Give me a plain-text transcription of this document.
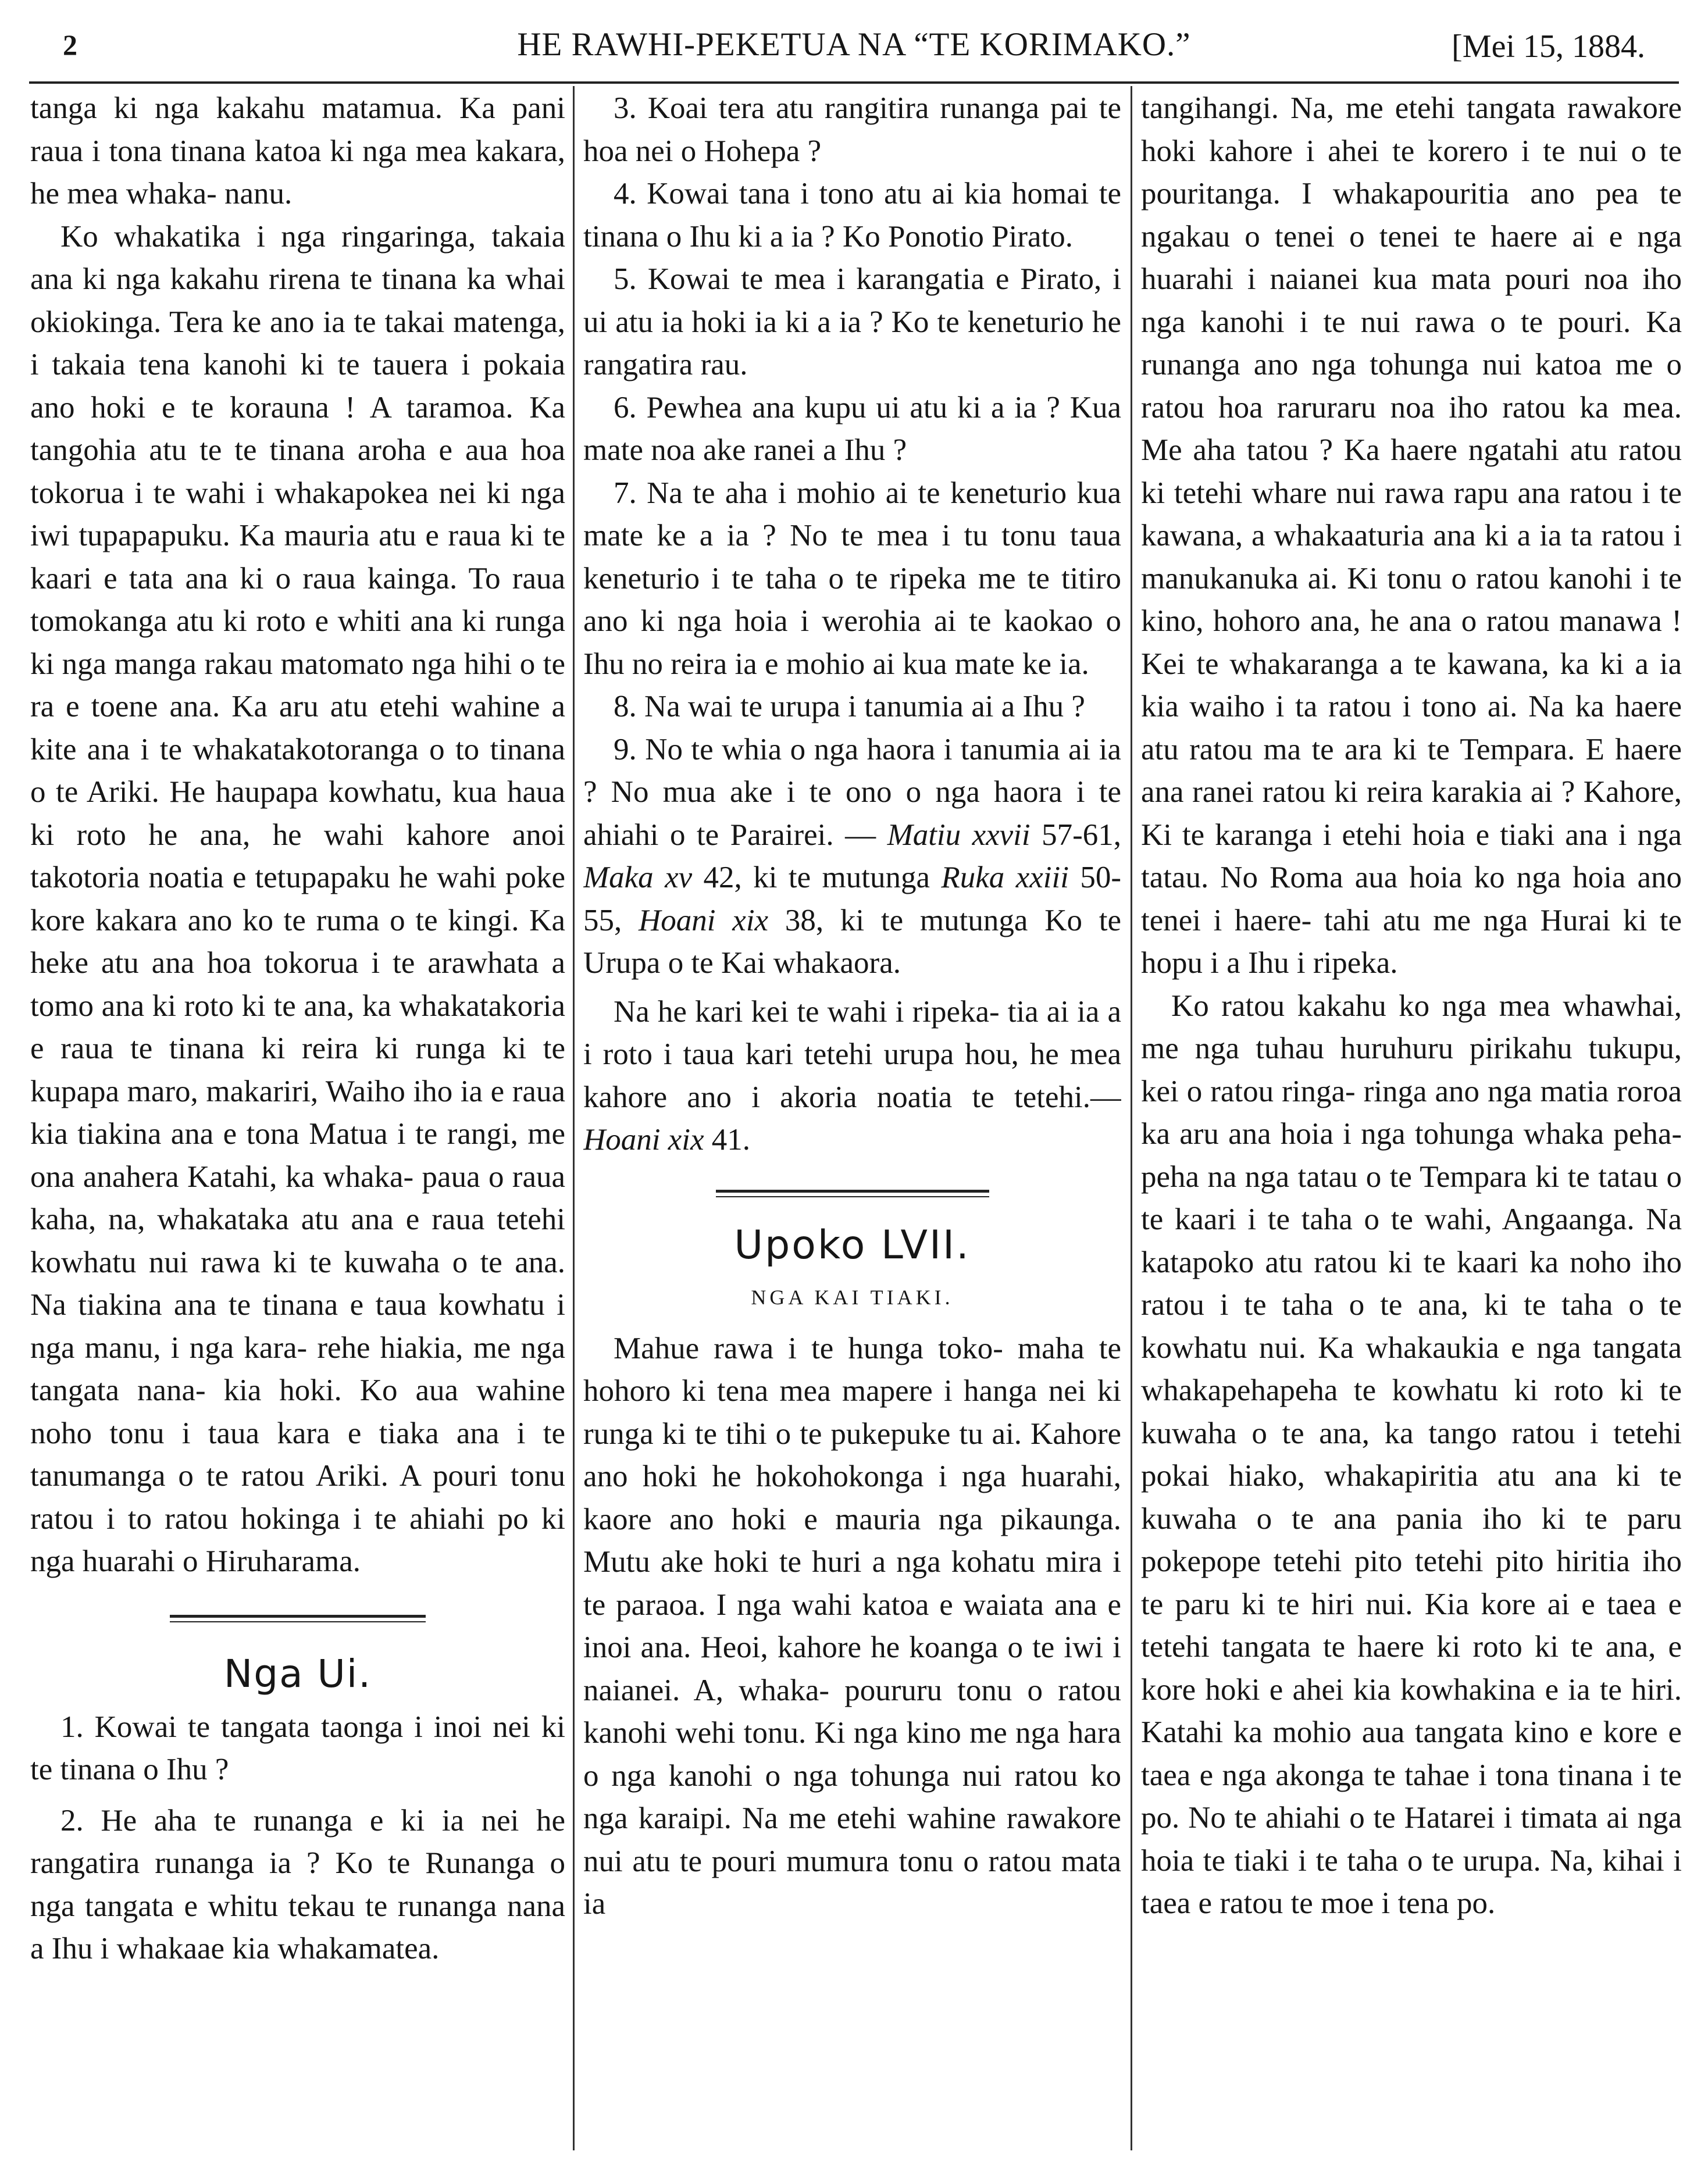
2	HE RAWHI-PEKETUA NA “TE KORIMAKO.”	[Mei 15, 1884.

tanga ki nga kakahu matamua. Ka pani raua i tona tinana katoa ki nga mea kakara, he mea whaka- nanu.

Ko whakatika i nga ringaringa, takaia ana ki nga kakahu rirena te tinana ka whai okiokinga. Tera ke ano ia te takai matenga, i takaia tena kanohi ki te tauera i pokaia ano hoki e te korauna ! A taramoa. Ka tangohia atu te te tinana aroha e aua hoa tokorua i te wahi i whakapokea nei ki nga iwi tupapapuku. Ka mauria atu e raua ki te kaari e tata ana ki o raua kainga. To raua tomokanga atu ki roto e whiti ana ki runga ki nga manga rakau matomato nga hihi o te ra e toene ana. Ka aru atu etehi wahine a kite ana i te whakatakotoranga o to tinana o te Ariki. He haupapa kowhatu, kua haua ki roto he ana, he wahi kahore anoi takotoria noatia e tetupapaku he wahi poke kore kakara ano ko te ruma o te kingi. Ka heke atu ana hoa tokorua i te arawhata a tomo ana ki roto ki te ana, ka whakatakoria e raua te tinana ki reira ki runga ki te kupapa maro, makariri, Waiho iho ia e raua kia tiakina ana e tona Matua i te rangi, me ona anahera Katahi, ka whaka- paua o raua kaha, na, whakataka atu ana e raua tetehi kowhatu nui rawa ki te kuwaha o te ana. Na tiakina ana te tinana e taua kowhatu i nga manu, i nga kara- rehe hiakia, me nga tangata nana- kia hoki. Ko aua wahine noho tonu i taua kara e tiaka ana i te tanumanga o te ratou Ariki. A pouri tonu ratou i to ratou hokinga i te ahiahi po ki nga huarahi o Hiruharama.

Nga Ui.

1. Kowai te tangata taonga i inoi nei ki te tinana o Ihu ?

2. He aha te runanga e ki ia nei he rangatira runanga ia ? Ko te Runanga o nga tangata e whitu tekau te runanga nana a Ihu i whakaae kia whakamatea.

3. Koai tera atu rangitira runanga pai te hoa nei o Hohepa ?

4. Kowai tana i tono atu ai kia homai te tinana o Ihu ki a ia ? Ko Ponotio Pirato.

5. Kowai te mea i karangatia e Pirato, i ui atu ia hoki ia ki a ia ? Ko te keneturio he rangatira rau.

6. Pewhea ana kupu ui atu ki a ia ? Kua mate noa ake ranei a Ihu ?

7. Na te aha i mohio ai te keneturio kua mate ke a ia ? No te mea i tu tonu taua keneturio i te taha o te ripeka me te titiro ano ki nga hoia i werohia ai te kaokao o Ihu no reira ia e mohio ai kua mate ke ia.

8. Na wai te urupa i tanumia ai a Ihu ?

9. No te whia o nga haora i tanumia ai ia ? No mua ake i te ono o nga haora i te ahiahi o te Parairei. — Matiu xxvii 57-61, Maka xv 42, ki te mutunga Ruka xxiii 50-55, Hoani xix 38, ki te mutunga Ko te Urupa o te Kai whakaora.

Na he kari kei te wahi i ripeka- tia ai ia a i roto i taua kari tetehi urupa hou, he mea kahore ano i akoria noatia te tetehi.—Hoani xix 41.

Upoko LVII.
NGA KAI TIAKI.

Mahue rawa i te hunga toko- maha te hohoro ki tena mea mapere i hanga nei ki runga ki te tihi o te pukepuke tu ai. Kahore ano hoki he hokohokonga i nga huarahi, kaore ano hoki e mauria nga pikaunga. Mutu ake hoki te huri a nga kohatu mira i te paraoa. I nga wahi katoa e waiata ana e inoi ana. Heoi, kahore he koanga o te iwi i naianei. A, whaka- poururu tonu o ratou kanohi wehi tonu. Ki nga kino me nga hara o nga kanohi o nga tohunga nui ratou ko nga karaipi. Na me etehi wahine rawakore nui atu te pouri mumura tonu o ratou mata ia

tangihangi. Na, me etehi tangata rawakore hoki kahore i ahei te korero i te nui o te pouritanga. I whakapouritia ano pea te ngakau o tenei o tenei te haere ai e nga huarahi i naianei kua mata pouri noa iho nga kanohi i te nui rawa o te pouri. Ka runanga ano nga tohunga nui katoa me o ratou hoa raruraru noa iho ratou ka mea. Me aha tatou ? Ka haere ngatahi atu ratou ki tetehi whare nui rawa rapu ana ratou i te kawana, a whakaaturia ana ki a ia ta ratou i manukanuka ai. Ki tonu o ratou kanohi i te kino, hohoro ana, he ana o ratou manawa ! Kei te whakaranga a te kawana, ka ki a ia kia waiho i ta ratou i tono ai. Na ka haere atu ratou ma te ara ki te Tempara. E haere ana ranei ratou ki reira karakia ai ? Kahore, Ki te karanga i etehi hoia e tiaki ana i nga tatau. No Roma aua hoia ko nga hoia ano tenei i haere- tahi atu me nga Hurai ki te hopu i a Ihu i ripeka.

Ko ratou kakahu ko nga mea whawhai, me nga tuhau huruhuru pirikahu tukupu, kei o ratou ringa- ringa ano nga matia roroa ka aru ana hoia i nga tohunga whaka peha- peha na nga tatau o te Tempara ki te tatau o te kaari i te taha o te wahi, Angaanga. Na katapoko atu ratou ki te kaari ka noho iho ratou i te taha o te ana, ki te taha o te kowhatu nui. Ka whakaukia e nga tangata whakapehapeha te kowhatu ki roto ki te kuwaha o te ana, ka tango ratou i tetehi pokai hiako, whakapiritia atu ana ki te kuwaha o te ana pania iho ki te paru pokepope tetehi pito tetehi pito hiritia iho te paru ki te hiri nui. Kia kore ai e taea e tetehi tangata te haere ki roto ki te ana, e kore hoki e ahei kia kowhakina e ia te hiri. Katahi ka mohio aua tangata kino e kore e taea e nga akonga te tahae i tona tinana i te po. No te ahiahi o te Hatarei i timata ai nga hoia te tiaki i te taha o te urupa. Na, kihai i taea e ratou te moe i tena po.
